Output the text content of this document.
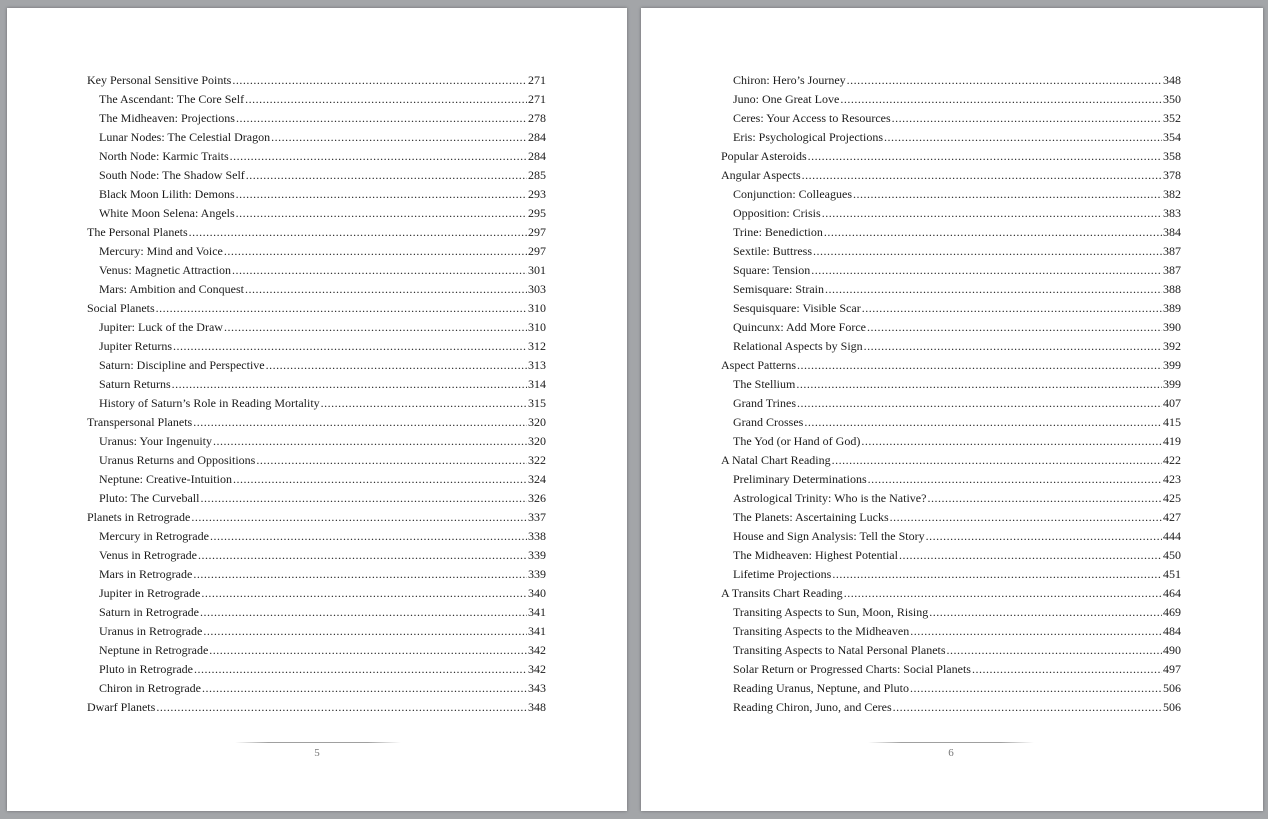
Key Personal Sensitive Points .....	271
The Ascendant: The Core Self .....	271
The Midheaven: Projections .....	278
Lunar Nodes: The Celestial Dragon .....	284
North Node: Karmic Traits .....	284
South Node: The Shadow Self .....	285
Black Moon Lilith: Demons .....	293
White Moon Selena: Angels .....	295
The Personal Planets .....	297
Mercury: Mind and Voice .....	297
Venus: Magnetic Attraction .....	301
Mars: Ambition and Conquest .....	303
Social Planets .....	310
Jupiter: Luck of the Draw .....	310
Jupiter Returns .....	312
Saturn: Discipline and Perspective .....	313
Saturn Returns .....	314
History of Saturn’s Role in Reading Mortality .....	315
Transpersonal Planets .....	320
Uranus: Your Ingenuity .....	320
Uranus Returns and Oppositions .....	322
Neptune: Creative-Intuition .....	324
Pluto: The Curveball .....	326
Planets in Retrograde .....	337
Mercury in Retrograde .....	338
Venus in Retrograde .....	339
Mars in Retrograde .....	339
Jupiter in Retrograde .....	340
Saturn in Retrograde .....	341
Uranus in Retrograde .....	341
Neptune in Retrograde .....	342
Pluto in Retrograde .....	342
Chiron in Retrograde .....	343
Dwarf Planets .....	348
5
Chiron: Hero’s Journey .....	348
Juno: One Great Love .....	350
Ceres: Your Access to Resources .....	352
Eris: Psychological Projections .....	354
Popular Asteroids .....	358
Angular Aspects .....	378
Conjunction: Colleagues .....	382
Opposition: Crisis .....	383
Trine: Benediction .....	384
Sextile: Buttress .....	387
Square: Tension .....	387
Semisquare: Strain .....	388
Sesquisquare: Visible Scar .....	389
Quincunx: Add More Force .....	390
Relational Aspects by Sign .....	392
Aspect Patterns .....	399
The Stellium .....	399
Grand Trines .....	407
Grand Crosses .....	415
The Yod (or Hand of God) .....	419
A Natal Chart Reading .....	422
Preliminary Determinations .....	423
Astrological Trinity: Who is the Native? .....	425
The Planets: Ascertaining Lucks .....	427
House and Sign Analysis: Tell the Story .....	444
The Midheaven: Highest Potential .....	450
Lifetime Projections .....	451
A Transits Chart Reading .....	464
Transiting Aspects to Sun, Moon, Rising .....	469
Transiting Aspects to the Midheaven .....	484
Transiting Aspects to Natal Personal Planets .....	490
Solar Return or Progressed Charts: Social Planets .....	497
Reading Uranus, Neptune, and Pluto .....	506
Reading Chiron, Juno, and Ceres .....	506
6
